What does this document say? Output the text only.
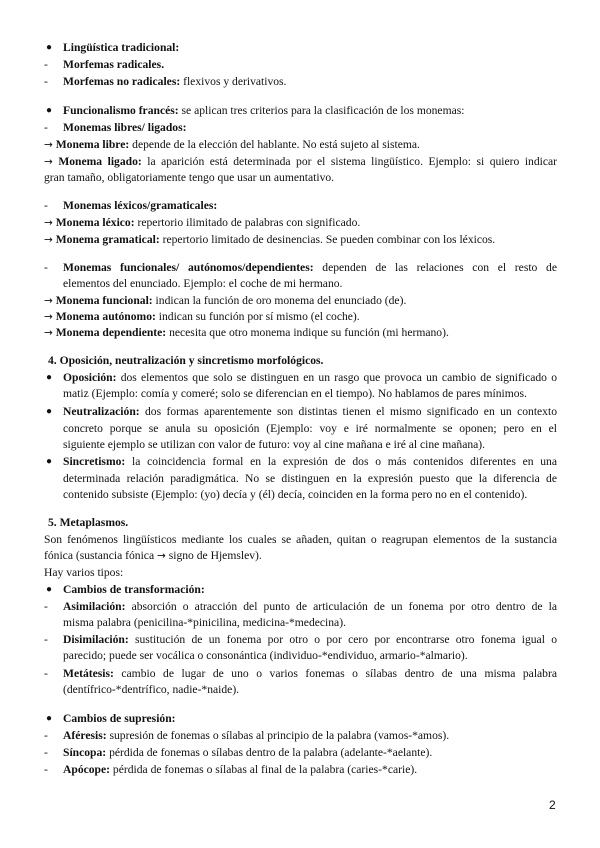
● Lingüística tradicional:

-	Morfemas radicales.

-	Morfemas no radicales: flexivos y derivativos.

● Funcionalismo francés: se aplican tres criterios para la clasificación de los monemas:

-	Monemas libres/ ligados:

→ Monema libre: depende de la elección del hablante. No está sujeto al sistema.

→ Monema ligado: la aparición está determinada por el sistema lingüístico. Ejemplo: si quiero indicar

gran tamaño, obligatoriamente tengo que usar un aumentativo.

-	Monemas léxicos/gramaticales:

→ Monema léxico: repertorio ilimitado de palabras con significado.

→ Monema gramatical: repertorio limitado de desinencias. Se pueden combinar con los léxicos.

-	Monemas funcionales/ autónomos/dependientes: dependen de las relaciones con el resto de

elementos del enunciado. Ejemplo: el coche de mi hermano.

→ Monema funcional: indican la función de oro monema del enunciado (de).

→ Monema autónomo: indican su función por sí mismo (el coche).

→ Monema dependiente: necesita que otro monema indique su función (mi hermano).

4. Oposición, neutralización y sincretismo morfológicos.

● Oposición: dos elementos que solo se distinguen en un rasgo que provoca un cambio de significado o

matiz (Ejemplo: comía y comeré; solo se diferencian en el tiempo). No hablamos de pares mínimos.

● Neutralización: dos formas aparentemente son distintas tienen el mismo significado en un contexto

concreto porque se anula su oposición (Ejemplo: voy e iré normalmente se oponen; pero en el

siguiente ejemplo se utilizan con valor de futuro: voy al cine mañana e iré al cine mañana).

● Sincretismo: la coincidencia formal en la expresión de dos o más contenidos diferentes en una

determinada relación paradigmática. No se distinguen en la expresión puesto que la diferencia de

contenido subsiste (Ejemplo: (yo) decía y (él) decía, coinciden en la forma pero no en el contenido).

5. Metaplasmos.

Son fenómenos lingüísticos mediante los cuales se añaden, quitan o reagrupan elementos de la sustancia

fónica (sustancia fónica → signo de Hjemslev).

Hay varios tipos:

● Cambios de transformación:

-	Asimilación: absorción o atracción del punto de articulación de un fonema por otro dentro de la

misma palabra (penicilina-*pinicilina, medicina-*medecina).

-	Disimilación: sustitución de un fonema por otro o por cero por encontrarse otro fonema igual o

parecido; puede ser vocálica o consonántica (individuo-*endividuo, armario-*almario).

-	Metátesis: cambio de lugar de uno o varios fonemas o sílabas dentro de una misma palabra

(dentífrico-*dentrífico, nadie-*naide).

● Cambios de supresión:

-	Aféresis: supresión de fonemas o sílabas al principio de la palabra (vamos-*amos).

-	Síncopa: pérdida de fonemas o sílabas dentro de la palabra (adelante-*aelante).

-	Apócope: pérdida de fonemas o sílabas al final de la palabra (caries-*carie).

2
